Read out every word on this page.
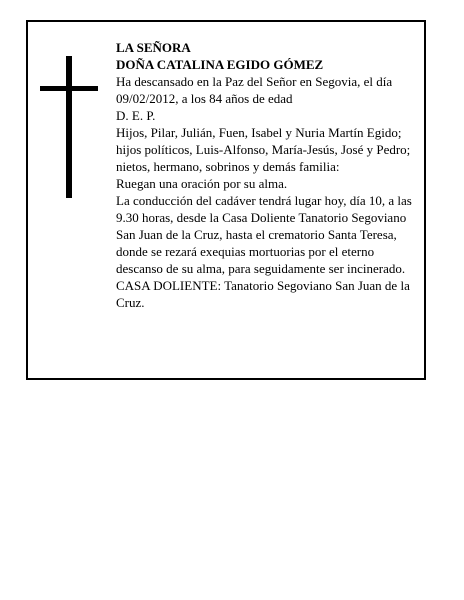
LA SEÑORA

DOÑA CATALINA EGIDO GÓMEZ

Ha descansado en la Paz del Señor en Segovia, el día 09/02/2012, a los 84 años de edad

D. E. P.

Hijos, Pilar, Julián, Fuen, Isabel y Nuria Martín Egido; hijos políticos, Luis-Alfonso, María-Jesús, José y Pedro; nietos, hermano, sobrinos y demás familia:

Ruegan una oración por su alma.

La conducción del cadáver tendrá lugar hoy, día 10, a las 9.30 horas, desde la Casa Doliente Tanatorio Segoviano San Juan de la Cruz, hasta el crematorio Santa Teresa, donde se rezará exequias mortuorias por el eterno descanso de su alma, para seguidamente ser incinerado.

CASA DOLIENTE: Tanatorio Segoviano San Juan de la Cruz.
